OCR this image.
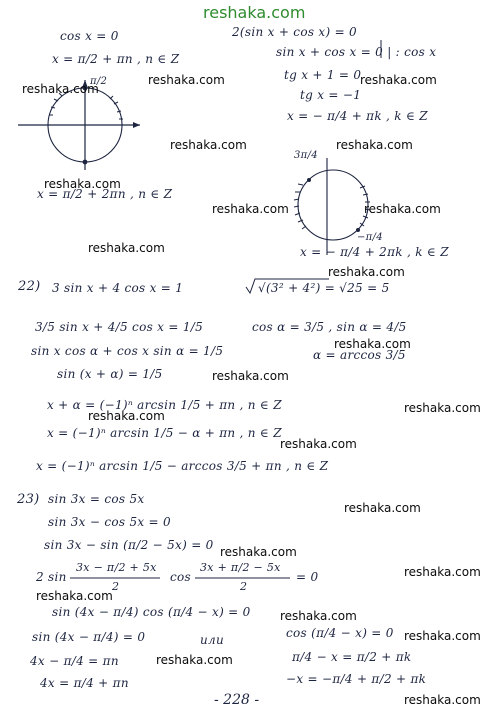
reshaka.com
cos x = 0
x = π/2 + πn , n ∈ Z
π/2
3π/4
−π/4
x = π/2 + 2πn , n ∈ Z
2(sin x + cos x) = 0
sin x + cos x = 0 | : cos x
tg x + 1 = 0
tg x = −1
x = − π/4 + πk , k ∈ Z
x = − π/4 + 2πk , k ∈ Z
22) 3 sin x + 4 cos x = 1	√(3² + 4²) = √25 = 5
3/5 sin x + 4/5 cos x = 1/5	cos α = 3/5 , sin α = 4/5
sin x cos α + cos x sin α = 1/5	α = arccos 3/5
sin (x + α) = 1/5
x + α = (−1)ⁿ arcsin 1/5 + πn , n ∈ Z
x = (−1)ⁿ arcsin 1/5 − α + πn , n ∈ Z
x = (−1)ⁿ arcsin 1/5 − arccos 3/5 + πn , n ∈ Z
23) sin 3x = cos 5x
sin 3x − cos 5x = 0
sin 3x − sin (π/2 − 5x) = 0
2 sin
3x − π/2 + 5x
2
cos
3x + π/2 − 5x
2
= 0
sin (4x − π/4) cos (π/4 − x) = 0
sin (4x − π/4) = 0	или	cos (π/4 − x) = 0
4x − π/4 = πn	π/4 − x = π/2 + πk
4x = π/4 + πn	−x = −π/4 + π/2 + πk
- 228 -
reshaka.com
reshaka.com
reshaka.com
reshaka.com	reshaka.com
reshaka.com
reshaka.com	reshaka.com
reshaka.com
reshaka.com
reshaka.com
reshaka.com
reshaka.com
reshaka.com
reshaka.com
reshaka.com
reshaka.com
reshaka.com
reshaka.com
reshaka.com
reshaka.com
reshaka.com
reshaka.com
